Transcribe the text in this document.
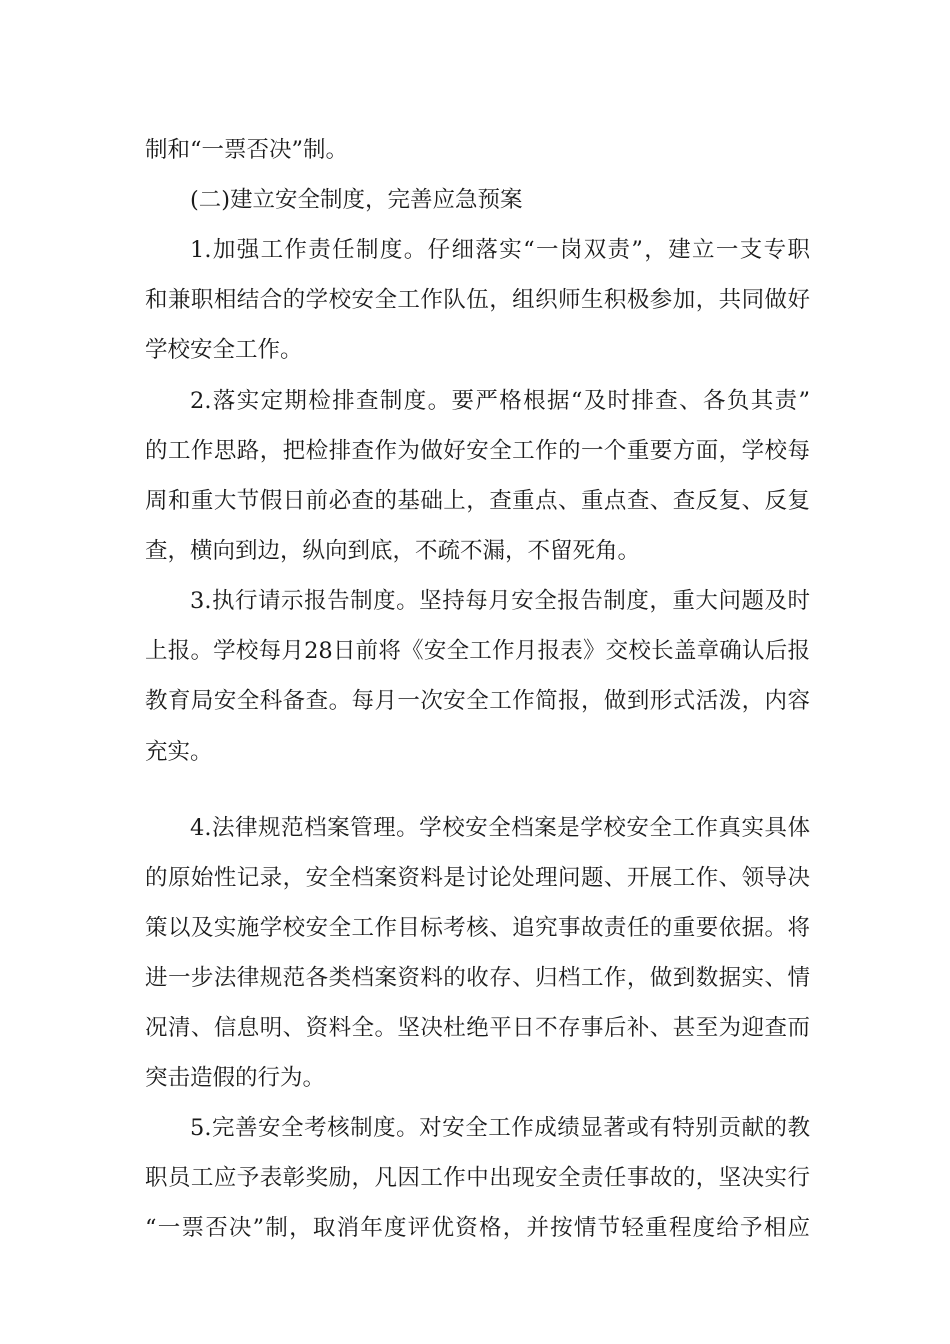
制和“一票否决”制。
(二)建立安全制度，完善应急预案
1.加强工作责任制度。仔细落实“一岗双责”，建立一支专职
和兼职相结合的学校安全工作队伍，组织师生积极参加，共同做好
学校安全工作。
2.落实定期检排查制度。要严格根据“及时排查、各负其责”
的工作思路，把检排查作为做好安全工作的一个重要方面，学校每
周和重大节假日前必查的基础上，查重点、重点查、查反复、反复
查，横向到边，纵向到底，不疏不漏，不留死角。
3.执行请示报告制度。坚持每月安全报告制度，重大问题及时
上报。学校每月28日前将《安全工作月报表》交校长盖章确认后报
教育局安全科备查。每月一次安全工作简报，做到形式活泼，内容
充实。
4.法律规范档案管理。学校安全档案是学校安全工作真实具体
的原始性记录，安全档案资料是讨论处理问题、开展工作、领导决
策以及实施学校安全工作目标考核、追究事故责任的重要依据。将
进一步法律规范各类档案资料的收存、归档工作，做到数据实、情
况清、信息明、资料全。坚决杜绝平日不存事后补、甚至为迎查而
突击造假的行为。
5.完善安全考核制度。对安全工作成绩显著或有特别贡献的教
职员工应予表彰奖励，凡因工作中出现安全责任事故的，坚决实行
“一票否决”制，取消年度评优资格，并按情节轻重程度给予相应
